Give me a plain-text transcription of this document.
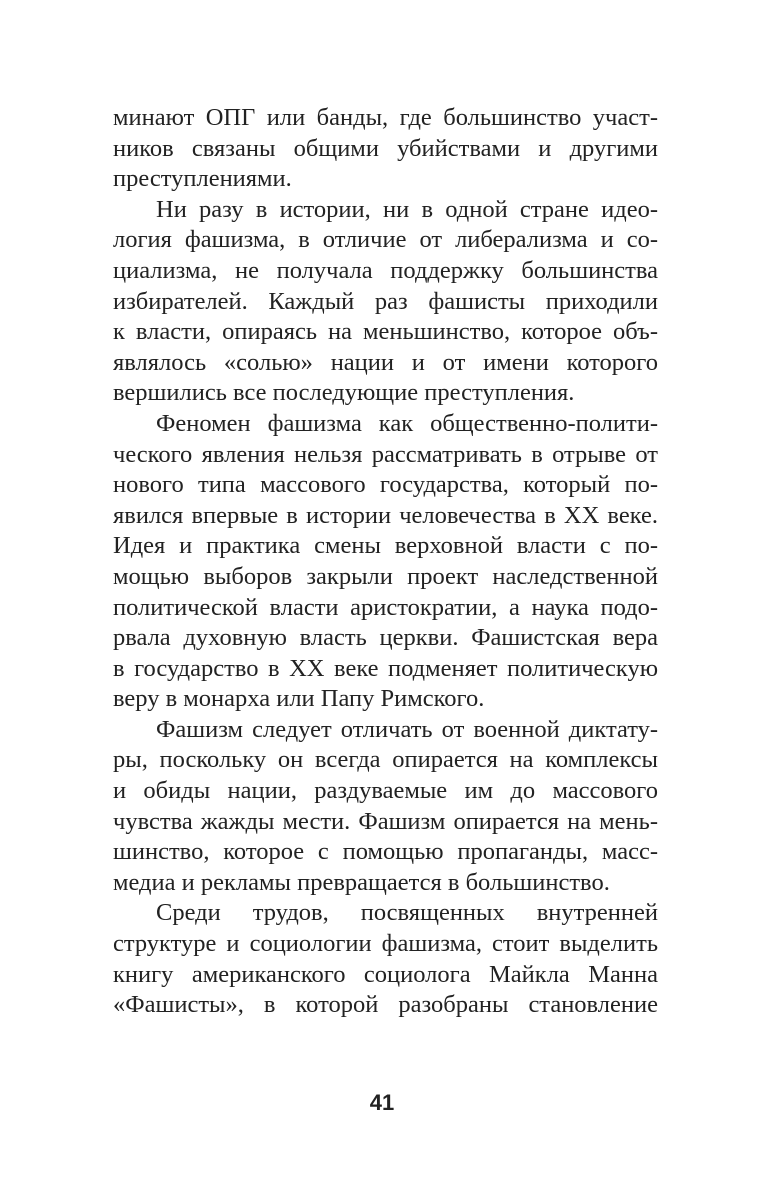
минают ОПГ или банды, где большинство участ-
ников связаны общими убийствами и другими
преступлениями.
Ни разу в истории, ни в одной стране идео-
логия фашизма, в отличие от либерализма и со-
циализма, не получала поддержку большинства
избирателей. Каждый раз фашисты приходили
к власти, опираясь на меньшинство, которое объ-
являлось «солью» нации и от имени которого
вершились все последующие преступления.
Феномен фашизма как общественно-полити-
ческого явления нельзя рассматривать в отрыве от
нового типа массового государства, который по-
явился впервые в истории человечества в XX веке.
Идея и практика смены верховной власти с по-
мощью выборов закрыли проект наследственной
политической власти аристократии, а наука подо-
рвала духовную власть церкви. Фашистская вера
в государство в XX веке подменяет политическую
веру в монарха или Папу Римского.
Фашизм следует отличать от военной диктату-
ры, поскольку он всегда опирается на комплексы
и обиды нации, раздуваемые им до массового
чувства жажды мести. Фашизм опирается на мень-
шинство, которое с помощью пропаганды, масс-
медиа и рекламы превращается в большинство.
Среди трудов, посвященных внутренней
структуре и социологии фашизма, стоит выделить
книгу американского социолога Майкла Манна
«Фашисты», в которой разобраны становление
41
